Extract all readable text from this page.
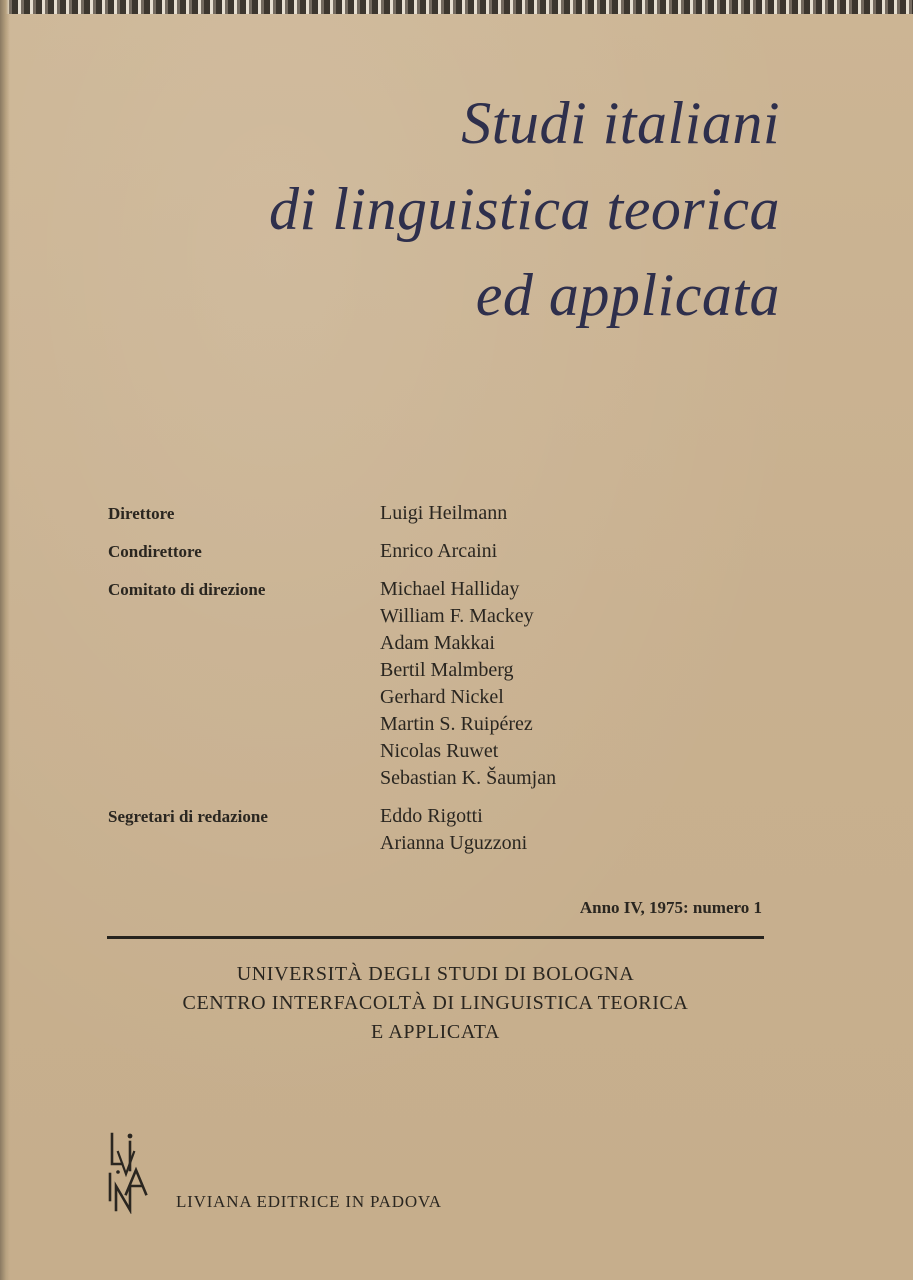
Studi italiani
di linguistica teorica
ed applicata
Direttore	Luigi Heilmann
Condirettore	Enrico Arcaini
Comitato di direzione	Michael Halliday
William F. Mackey
Adam Makkai
Bertil Malmberg
Gerhard Nickel
Martin S. Ruipérez
Nicolas Ruwet
Sebastian K. Šaumjan
Segretari di redazione	Eddo Rigotti
Arianna Uguzzoni
Anno IV, 1975: numero 1
UNIVERSITÀ DEGLI STUDI DI BOLOGNA
CENTRO INTERFACOLTÀ DI LINGUISTICA TEORICA
E APPLICATA
LIVIANA EDITRICE IN PADOVA
